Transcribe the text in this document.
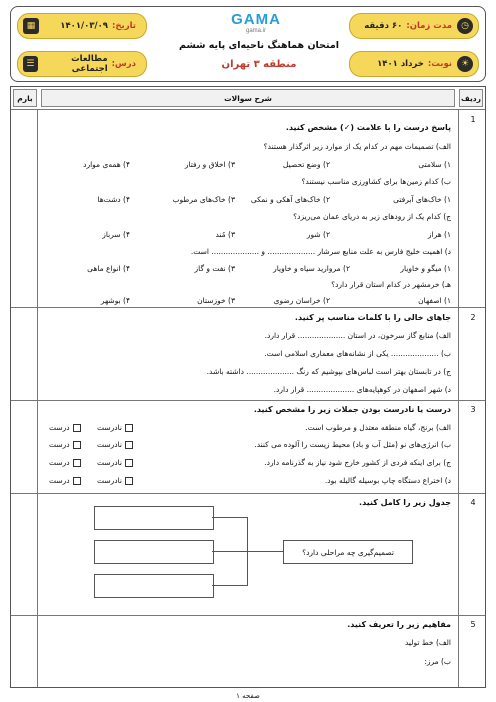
◷
مدت زمان:
۶۰ دقیقه
تاریخ:
۱۴۰۱/۰۳/۰۹
▦
☀
نوبت:
خرداد ۱۴۰۱
درس:
مطالعات اجتماعی
☰
GAMA
gama.ir
امتحان هماهنگ ناحیه‌ای پایه ششم
منطقه ۳ تهران
ردیف
شرح سوالات
بارم
1
پاسخ درست را با علامت (✓) مشخص کنید.
الف) تصمیمات مهم در کدام یک از موارد زیر اثرگذار هستند؟
۱) سلامتی
۲) وضع تحصیل
۳) اخلاق و رفتار
۴) همه‌ی موارد
ب) کدام زمین‌ها برای کشاورزی مناسب نیستند؟
۱) خاک‌های آبرفتی
۲) خاک‌های آهکی و نمکی
۳) خاک‌های مرطوب
۴) دشت‌ها
ج) کدام یک از رودهای زیر به دریای عمان می‌ریزد؟
۱) هراز
۲) شور
۳) مُند
۴) سرباز
د) اهمیت خلیج فارس به علت منابع سرشار .................... و .................... است.
۱) میگو و خاویار
۲) مروارید سیاه و خاویار
۳) نفت و گاز
۴) انواع ماهی
هـ) خرمشهر در کدام استان قرار دارد؟
۱) اصفهان
۲) خراسان رضوی
۳) خوزستان
۴) بوشهر
2
جاهای خالی را با کلمات مناسب پر کنید.
الف) منابع گاز سرخون، در استان .................... قرار دارد.
ب) .................... یکی از نشانه‌های معماری اسلامی است.
ج) در تابستان بهتر است لباس‌های بپوشیم که رنگ .................... داشته باشد.
د) شهر اصفهان در کوهپایه‌های .................... قرار دارد.
3
درست یا نادرست بودن جملات زیر را مشخص کنید.
الف) برنج، گیاه منطقه معتدل و مرطوب است.
نادرست درست
ب) انرژی‌های نو (مثل آب و باد) محیط زیست را آلوده می کنند.
نادرست درست
ج) برای اینکه فردی از کشور خارج شود نیاز به گذرنامه دارد.
نادرست درست
د) اختراع دستگاه چاپ بوسیله گالیله بود.
نادرست درست
4
جدول زیر را کامل کنید.
تصمیم‌گیری چه مراحلی دارد؟
5
مفاهیم زیر را تعریف کنید.
الف) خط تولید
ب) مرز:
صفحه ۱
